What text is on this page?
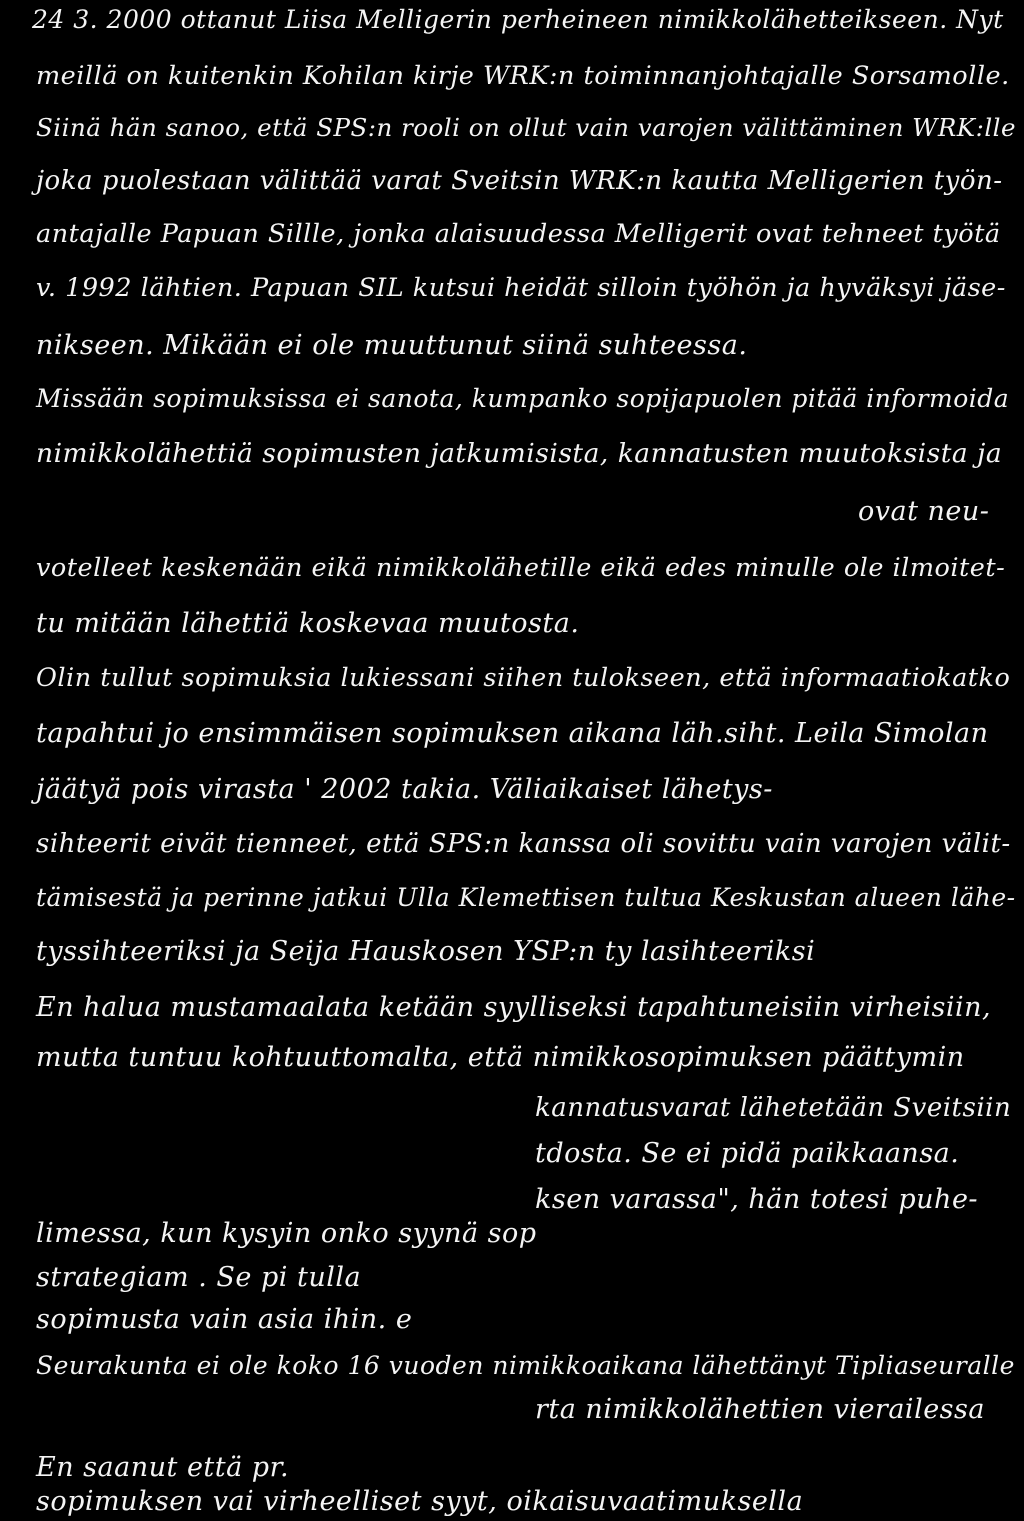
24 3. 2000 ottanut Liisa Melligerin perheineen nimikkolähetteikseen. Nyt
meillä on kuitenkin Kohilan kirje WRK:n toiminnanjohtajalle Sorsamolle.
Siinä hän sanoo, että SPS:n rooli on ollut vain varojen välittäminen WRK:lle
joka puolestaan välittää varat Sveitsin WRK:n kautta Melligerien työn-
antajalle Papuan Sillle, jonka alaisuudessa Melligerit ovat tehneet työtä
v. 1992 lähtien. Papuan SIL kutsui heidät silloin työhön ja hyväksyi jäse-
nikseen. Mikään ei ole muuttunut siinä suhteessa.
Missään sopimuksissa ei sanota, kumpanko sopijapuolen pitää informoida
nimikkolähettiä sopimusten jatkumisista, kannatusten muutoksista ja
ovat neu-
votelleet keskenään eikä nimikkolähetille eikä edes minulle ole ilmoitet-
tu mitään lähettiä koskevaa muutosta.
Olin tullut sopimuksia lukiessani siihen tulokseen, että informaatiokatko
tapahtui jo ensimmäisen sopimuksen aikana läh.siht. Leila Simolan
jäätyä pois virasta ' 2002 takia. Väliaikaiset lähetys-
sihteerit eivät tienneet, että SPS:n kanssa oli sovittu vain varojen välit-
tämisestä ja perinne jatkui Ulla Klemettisen tultua Keskustan alueen lähe-
tyssihteeriksi ja Seija Hauskosen YSP:n ty lasihteeriksi
En halua mustamaalata ketään syylliseksi tapahtuneisiin virheisiin,
mutta tuntuu kohtuuttomalta, että nimikkosopimuksen päättymin
kannatusvarat lähetetään Sveitsiin
tdosta. Se ei pidä paikkaansa.
ksen varassa", hän totesi puhe-
limessa, kun kysyin onko syynä sop
strategiam . Se pi tulla
sopimusta vain asia ihin. e
Seurakunta ei ole koko 16 vuoden nimikkoaikana lähettänyt Tipliaseuralle
rta nimikkolähettien vierailessa
En saanut että pr.
sopimuksen vai virheelliset syyt, oikaisuvaatimuksella
